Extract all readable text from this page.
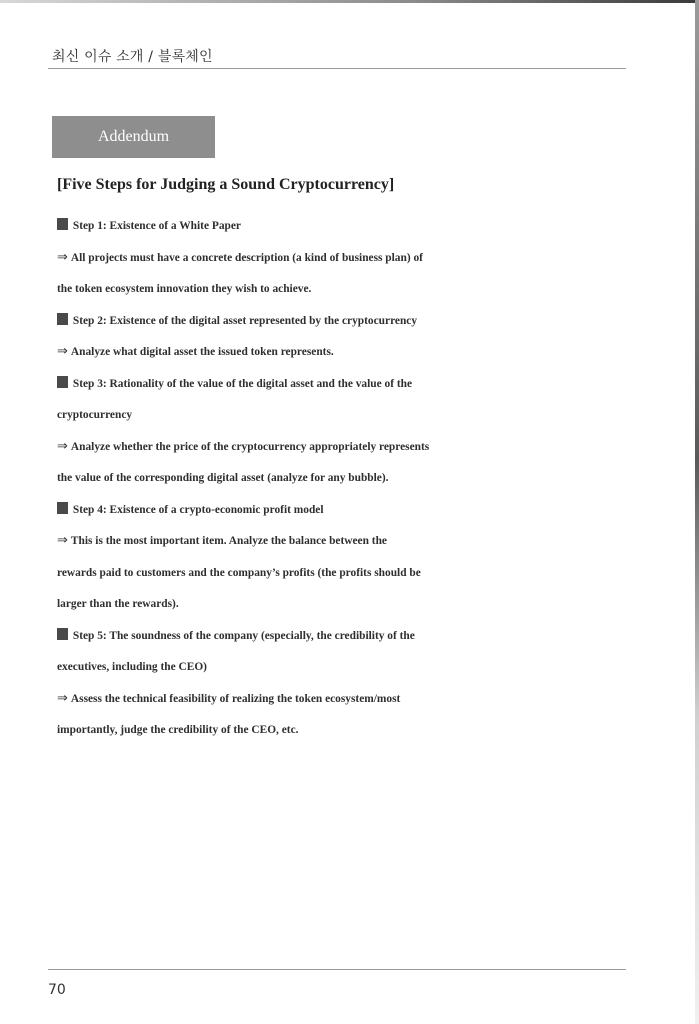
최신 이슈 소개 / 블록체인
Addendum
[Five Steps for Judging a Sound Cryptocurrency]
Step 1: Existence of a White Paper
⇒ All projects must have a concrete description (a kind of business plan) of
the token ecosystem innovation they wish to achieve.
Step 2: Existence of the digital asset represented by the cryptocurrency
⇒ Analyze what digital asset the issued token represents.
Step 3: Rationality of the value of the digital asset and the value of the
cryptocurrency
⇒ Analyze whether the price of the cryptocurrency appropriately represents
the value of the corresponding digital asset (analyze for any bubble).
Step 4: Existence of a crypto-economic profit model
⇒ This is the most important item. Analyze the balance between the
rewards paid to customers and the company’s profits (the profits should be
larger than the rewards).
Step 5: The soundness of the company (especially, the credibility of the
executives, including the CEO)
⇒ Assess the technical feasibility of realizing the token ecosystem/most
importantly, judge the credibility of the CEO, etc.
70
